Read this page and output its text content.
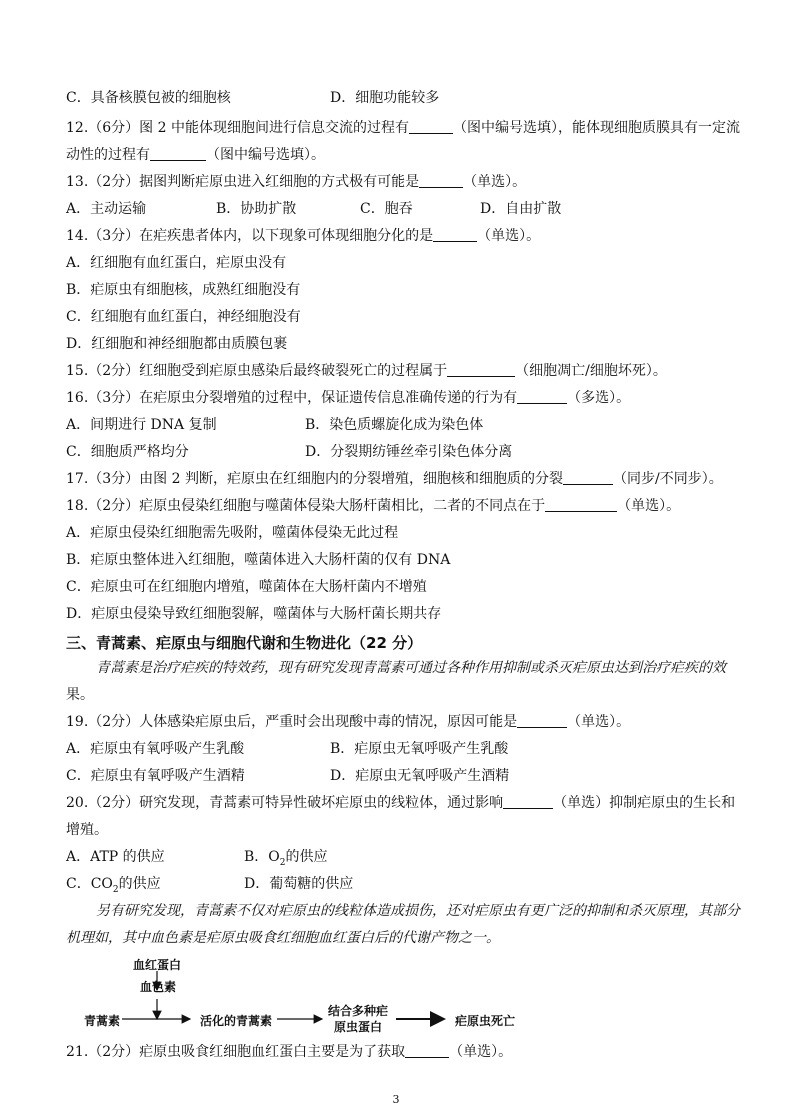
C．具备核膜包被的细胞核	D．细胞功能较多
12.（6分）图 2 中能体现细胞间进行信息交流的过程有	（图中编号选填），能体现细胞质膜具有一定流
动性的过程有	（图中编号选填）。
13.（2分）据图判断疟原虫进入红细胞的方式极有可能是	（单选）。
A．主动运输	B．协助扩散	C．胞吞	D．自由扩散
14.（3分）在疟疾患者体内，以下现象可体现细胞分化的是	（单选）。
A．红细胞有血红蛋白，疟原虫没有
B．疟原虫有细胞核，成熟红细胞没有
C．红细胞有血红蛋白，神经细胞没有
D．红细胞和神经细胞都由质膜包裹
15.（2分）红细胞受到疟原虫感染后最终破裂死亡的过程属于	（细胞凋亡/细胞坏死）。
16.（3分）在疟原虫分裂增殖的过程中，保证遗传信息准确传递的行为有	（多选）。
A．间期进行 DNA 复制	B．染色质螺旋化成为染色体
C．细胞质严格均分	D．分裂期纺锤丝牵引染色体分离
17.（3分）由图 2 判断，疟原虫在红细胞内的分裂增殖，细胞核和细胞质的分裂	（同步/不同步）。
18.（2分）疟原虫侵染红细胞与噬菌体侵染大肠杆菌相比，二者的不同点在于	（单选）。
A．疟原虫侵染红细胞需先吸附，噬菌体侵染无此过程
B．疟原虫整体进入红细胞，噬菌体进入大肠杆菌的仅有 DNA
C．疟原虫可在红细胞内增殖，噬菌体在大肠杆菌内不增殖
D．疟原虫侵染导致红细胞裂解，噬菌体与大肠杆菌长期共存
三、青蒿素、疟原虫与细胞代谢和生物进化（22 分）
青蒿素是治疗疟疾的特效药，现有研究发现青蒿素可通过各种作用抑制或杀灭疟原虫达到治疗疟疾的效
果。
19.（2分）人体感染疟原虫后，严重时会出现酸中毒的情况，原因可能是	（单选）。
A．疟原虫有氧呼吸产生乳酸	B．疟原虫无氧呼吸产生乳酸
C．疟原虫有氧呼吸产生酒精	D．疟原虫无氧呼吸产生酒精
20.（2分）研究发现，青蒿素可特异性破坏疟原虫的线粒体，通过影响	（单选）抑制疟原虫的生长和
增殖。
A．ATP 的供应	B．$O_2$的供应
C．$CO_2$的供应	D．葡萄糖的供应
另有研究发现，青蒿素不仅对疟原虫的线粒体造成损伤，还对疟原虫有更广泛的抑制和杀灭原理，其部分
机理如，其中血色素是疟原虫吸食红细胞血红蛋白后的代谢产物之一。
血红蛋白
血色素
青蒿素	活化的青蒿素
结合多种疟
原虫蛋白	疟原虫死亡
21.（2分）疟原虫吸食红细胞血红蛋白主要是为了获取	（单选）。
3
